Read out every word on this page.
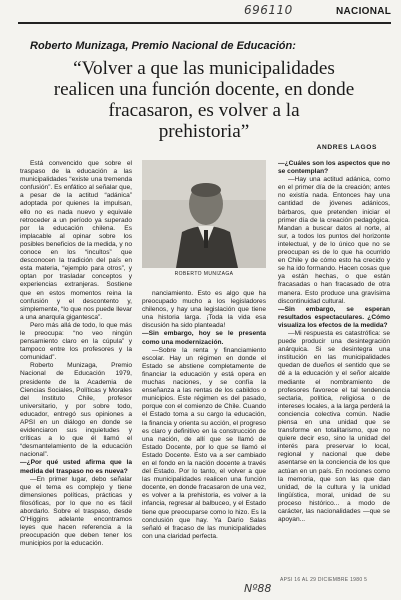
696110	NACIONAL
Roberto Munizaga, Premio Nacional de Educación:
“Volver a que las municipalidades
realicen una función docente, en donde
fracasaron, es volver a la
prehistoria”
ANDRES LAGOS

Está convencido que sobre el traspaso de la educación a las municipalidades “existe una tremenda confusión”. Es enfático al señalar que, a pesar de la actitud “adánica” adoptada por quienes la impulsan, ello no es nada nuevo y equivale retroceder a un período ya superado por la educación chilena. Es implacable al opinar sobre los posibles beneficios de la medida, y no conoce en los “incultos” que desconocen la tradición del país en esta materia, “ejemplo para otros”, y optan por trasladar conceptos y experiencias extranjeras. Sostiene que en estos momentos reina la confusión y el descontento y, simplemente, “lo que nos puede llevar a una anarquía gigantesca”.

Pero más allá de todo, lo que más le preocupa: “no veo ningún pensamiento claro en la cúpula” y tampoco entre los profesores y la comunidad”.

Roberto Munizaga, Premio Nacional de Educación 1979, presidente de la Academia de Ciencias Sociales, Políticas y Morales del Instituto Chile, profesor universitario, y por sobre todo, educador, entregó sus opiniones a APSI en un diálogo en donde se evidenciaron sus inquietudes y críticas a lo que él llamó el “desmantelamiento de la educación nacional”.

—¿Por qué usted afirma que la medida del traspaso no es nueva?

—En primer lugar, debo señalar que el tema es complejo y tiene dimensiones políticas, prácticas y filosóficas, por lo que no es fácil abordarlo. Sobre el traspaso, desde O’Higgins adelante encontramos leyes que hacen referencia a la preocupación que deben tener los municipios por la educación.

ROBERTO MUNIZAGA

nanciamiento. Esto es algo que ha preocupado mucho a los legisladores chilenos, y hay una legislación que tiene una historia larga. ¡Toda la vida esa discusión ha sido planteada!

—Sin embargo, hoy se le presenta como una modernización.

—Sobre la renta y financiamiento escolar. Hay un régimen en donde el Estado se abstiene completamente de financiar la educación y está opera en muchas naciones, y se confía la enseñanza a las rentas de los cabildos o municipios. Este régimen es del pasado, porque con el comienzo de Chile. Cuando el Estado toma a su cargo la educación, la financia y orienta su acción, el progreso es claro y definitivo en la construcción de una nación, de allí que se llamó de Estado Docente, por lo que se llamó el Estado Docente. Esto va a ser cambiado en el fondo en la nación docente a través del Estado. Por lo tanto, el volver a que las municipalidades realicen una función docente, en donde fracasaron de una vez, es volver a la prehistoria, es volver a la infancia, regresar al balbuceo, y el Estado tiene que preocuparse como lo hizo. Es la conclusión que hay. Ya Darío Salas señaló el fracaso de las municipalidades con una claridad perfecta.

—¿Cuáles son los aspectos que no se contemplan?

—Hay una actitud adánica, como en el primer día de la creación; antes no existía nada. Entonces hay una cantidad de jóvenes adánicos, bárbaros, que pretenden iniciar el primer día de la creación pedagógica. Mandan a buscar datos al norte, al sur, a todos los puntos del horizonte intelectual, y de lo único que no se preocupan es de lo que ha ocurrido en Chile y de cómo esto ha crecido y se ha ido formando. Hacen cosas que ya están hechas, o que están fracasadas o han fracasado de otra manera. Esto produce una gravísima discontinuidad cultural.

—Sin embargo, se esperan resultados espectaculares. ¿Cómo visualiza los efectos de la medida?

—Mi respuesta es catastrófica: se puede producir una desintegración anárquica. Si se desintegra una institución en las municipalidades quedan de dueños el sentido que se dé a la educación y el señor alcalde mediante el nombramiento de profesores favorece el tal tendencia sectaria, política, religiosa o de intereses locales, a la larga perderá la conciencia colectiva común. Nadie piensa en una unidad que se transforme en totalitarismo, que no quiere decir eso, sino la unidad del interés para preservar lo local, regional y nacional que debe asentarse en la conciencia de los que actúan en un país. En nociones como la memoria, que son las que dan unidad, de la cultura y la unidad lingüística, moral, unidad de su proceso histórico... a modo de carácter, las nacionalidades —que se apoyan...

Nº88
APSI 16 AL 29 DICIEMBRE 1980 5
